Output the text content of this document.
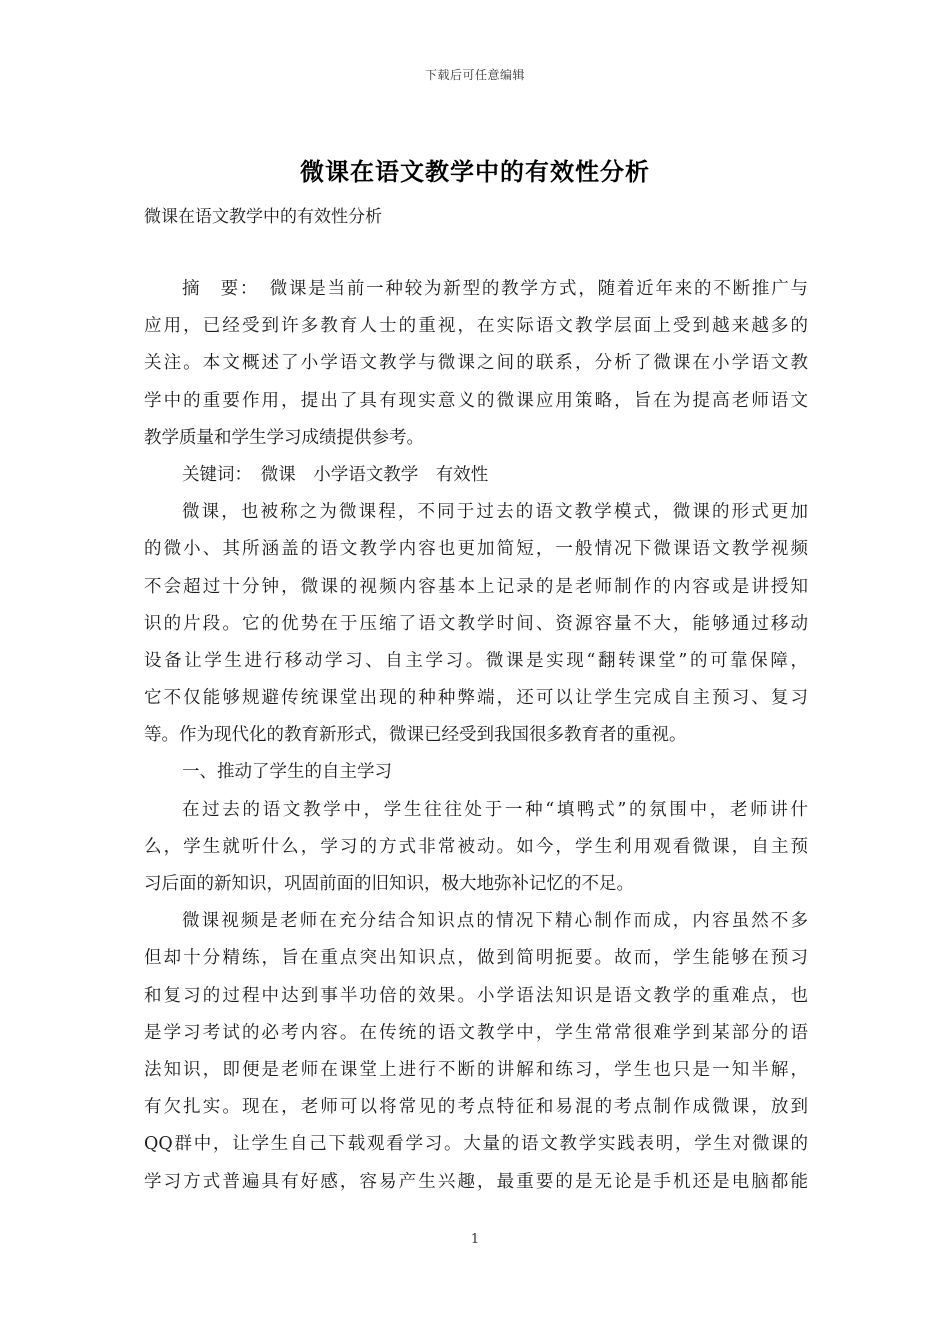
下载后可任意编辑
微课在语文教学中的有效性分析
微课在语文教学中的有效性分析
摘　要：　微课是当前一种较为新型的教学方式，随着近年来的不断推广与
应用，已经受到许多教育人士的重视，在实际语文教学层面上受到越来越多的
关注。本文概述了小学语文教学与微课之间的联系，分析了微课在小学语文教
学中的重要作用，提出了具有现实意义的微课应用策略，旨在为提高老师语文
教学质量和学生学习成绩提供参考。
关键词：　微课　小学语文教学　有效性
微课，也被称之为微课程，不同于过去的语文教学模式，微课的形式更加
的微小、其所涵盖的语文教学内容也更加简短，一般情况下微课语文教学视频
不会超过十分钟，微课的视频内容基本上记录的是老师制作的内容或是讲授知
识的片段。它的优势在于压缩了语文教学时间、资源容量不大，能够通过移动
设备让学生进行移动学习、自主学习。微课是实现“翻转课堂”的可靠保障，
它不仅能够规避传统课堂出现的种种弊端，还可以让学生完成自主预习、复习
等。作为现代化的教育新形式，微课已经受到我国很多教育者的重视。
一、推动了学生的自主学习
在过去的语文教学中，学生往往处于一种“填鸭式”的氛围中，老师讲什
么，学生就听什么，学习的方式非常被动。如今，学生利用观看微课，自主预
习后面的新知识，巩固前面的旧知识，极大地弥补记忆的不足。
微课视频是老师在充分结合知识点的情况下精心制作而成，内容虽然不多
但却十分精练，旨在重点突出知识点，做到简明扼要。故而，学生能够在预习
和复习的过程中达到事半功倍的效果。小学语法知识是语文教学的重难点，也
是学习考试的必考内容。在传统的语文教学中，学生常常很难学到某部分的语
法知识，即便是老师在课堂上进行不断的讲解和练习，学生也只是一知半解，
有欠扎实。现在，老师可以将常见的考点特征和易混的考点制作成微课，放到
QQ群中，让学生自己下载观看学习。大量的语文教学实践表明，学生对微课的
学习方式普遍具有好感，容易产生兴趣，最重要的是无论是手机还是电脑都能
1
